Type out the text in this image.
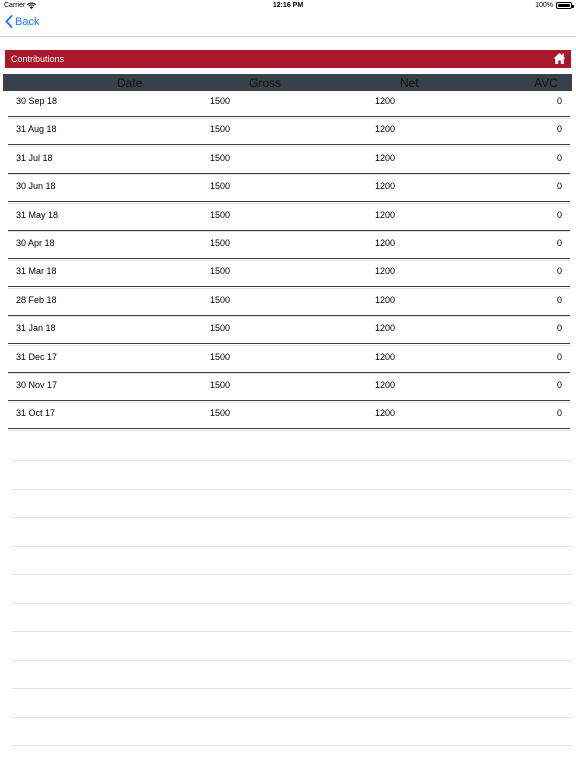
Carrier	12:16 PM	100%
Back
Contributions
Date	Gross	Net	AVC
30 Sep 18	1500	1200	0
31 Aug 18	1500	1200	0
31 Jul 18	1500	1200	0
30 Jun 18	1500	1200	0
31 May 18	1500	1200	0
30 Apr 18	1500	1200	0
31 Mar 18	1500	1200	0
28 Feb 18	1500	1200	0
31 Jan 18	1500	1200	0
31 Dec 17	1500	1200	0
30 Nov 17	1500	1200	0
31 Oct 17	1500	1200	0
